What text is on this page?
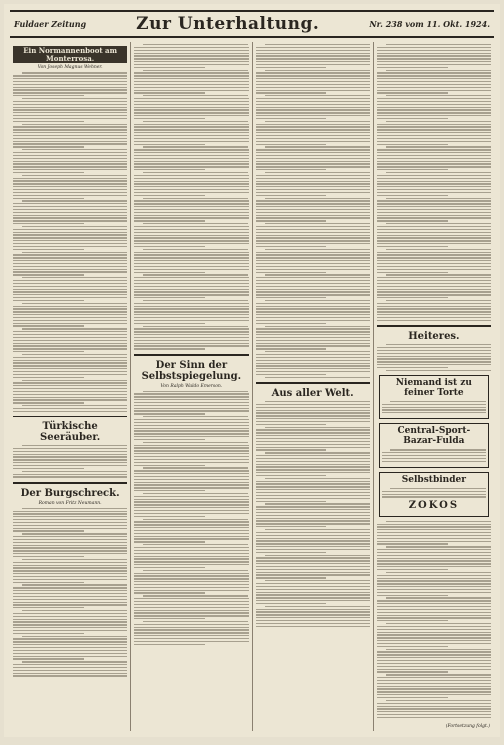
Fuldaer Zeitung	Zur Unterhaltung.	Nr. 238 vom 11. Okt. 1924.
Ein Normannenboot am Monterrosa.
Von Joseph Magnus Wehner.
Türkische Seeräuber.
Der Burgschreck.
Roman von Fritz Neumann.
Der Sinn der Selbstspiegelung.
Von Ralph Waldo Emerson.
Aus aller Welt.
Heiteres.
Niemand ist zu feiner Torte
Central-Sport-Bazar-Fulda
Selbstbinder
ZOKOS
(Fortsetzung folgt.)
